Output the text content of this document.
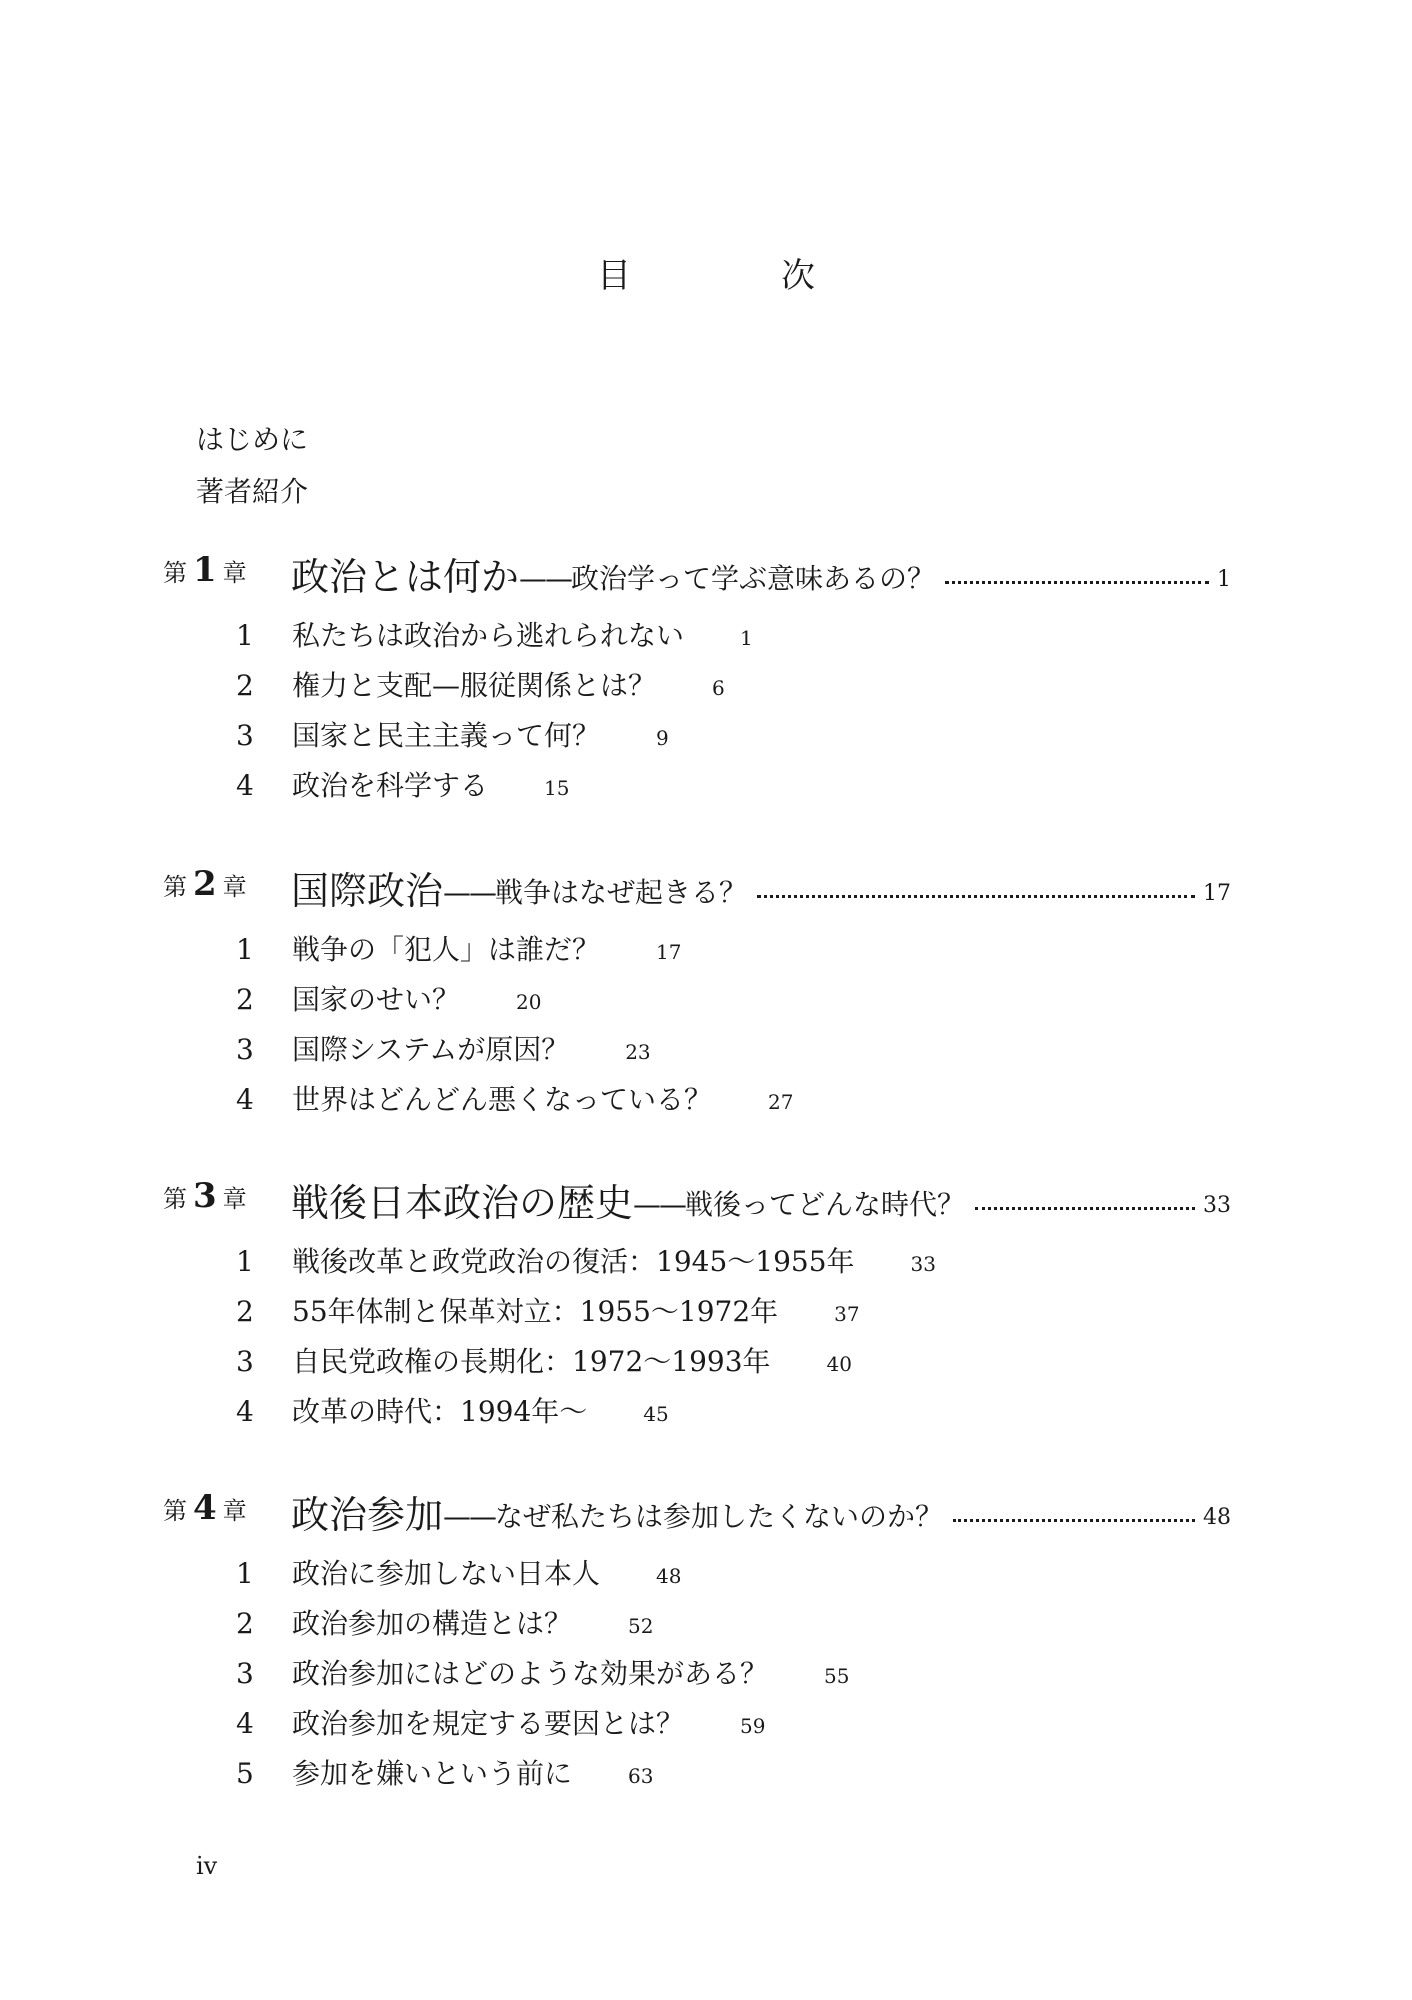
目　次
はじめに
著者紹介
第 1 章	政治とは何か —— 政治学って学ぶ意味あるの？	1
1	私たちは政治から逃れられない	1
2	権力と支配—服従関係とは？	6
3	国家と民主主義って何？	9
4	政治を科学する	15
第 2 章	国際政治 —— 戦争はなぜ起きる？	17
1	戦争の「犯人」は誰だ？	17
2	国家のせい？	20
3	国際システムが原因？	23
4	世界はどんどん悪くなっている？	27
第 3 章	戦後日本政治の歴史 —— 戦後ってどんな時代？	33
1	戦後改革と政党政治の復活：1945～1955年	33
2	55年体制と保革対立：1955～1972年	37
3	自民党政権の長期化：1972～1993年	40
4	改革の時代：1994年～	45
第 4 章	政治参加 —— なぜ私たちは参加したくないのか？	48
1	政治に参加しない日本人	48
2	政治参加の構造とは？	52
3	政治参加にはどのような効果がある？	55
4	政治参加を規定する要因とは？	59
5	参加を嫌いという前に	63
iv
